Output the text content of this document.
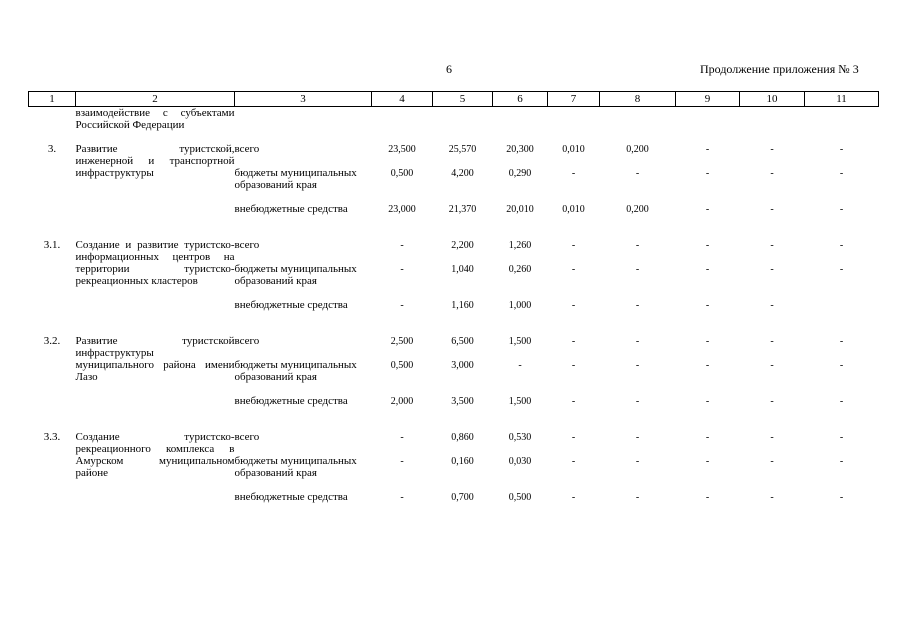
6	Продолжение приложения № 3
1	2	3	4	5	6	7	8	9	10	11
	взаимодействие с субъектами Российской Федерации									

3.	Развитие туристской, инженерной и транспортной инфраструктуры	всего	23,500	25,570	20,300	0,010	0,200	-	-	-
		бюджеты муниципальных образований края	0,500	4,200	0,290	-	-	-	-	-
		внебюджетные средства	23,000	21,370	20,010	0,010	0,200	-	-	-

3.1.	Создание и развитие туристско-информационных центров на территории туристско-рекреационных кластеров	всего	-	2,200	1,260	-	-	-	-	-
		бюджеты муниципальных образований края	-	1,040	0,260	-	-	-	-	-
		внебюджетные средства	-	1,160	1,000	-	-	-	-	

3.2.	Развитие туристской инфраструктуры муниципального района имени Лазо	всего	2,500	6,500	1,500	-	-	-	-	-
		бюджеты муниципальных образований края	0,500	3,000	-	-	-	-	-	-
		внебюджетные средства	2,000	3,500	1,500	-	-	-	-	-

3.3.	Создание туристско-рекреационного комплекса в Амурском муниципальном районе	всего	-	0,860	0,530	-	-	-	-	-
		бюджеты муниципальных образований края	-	0,160	0,030	-	-	-	-	-
		внебюджетные средства	-	0,700	0,500	-	-	-	-	-
